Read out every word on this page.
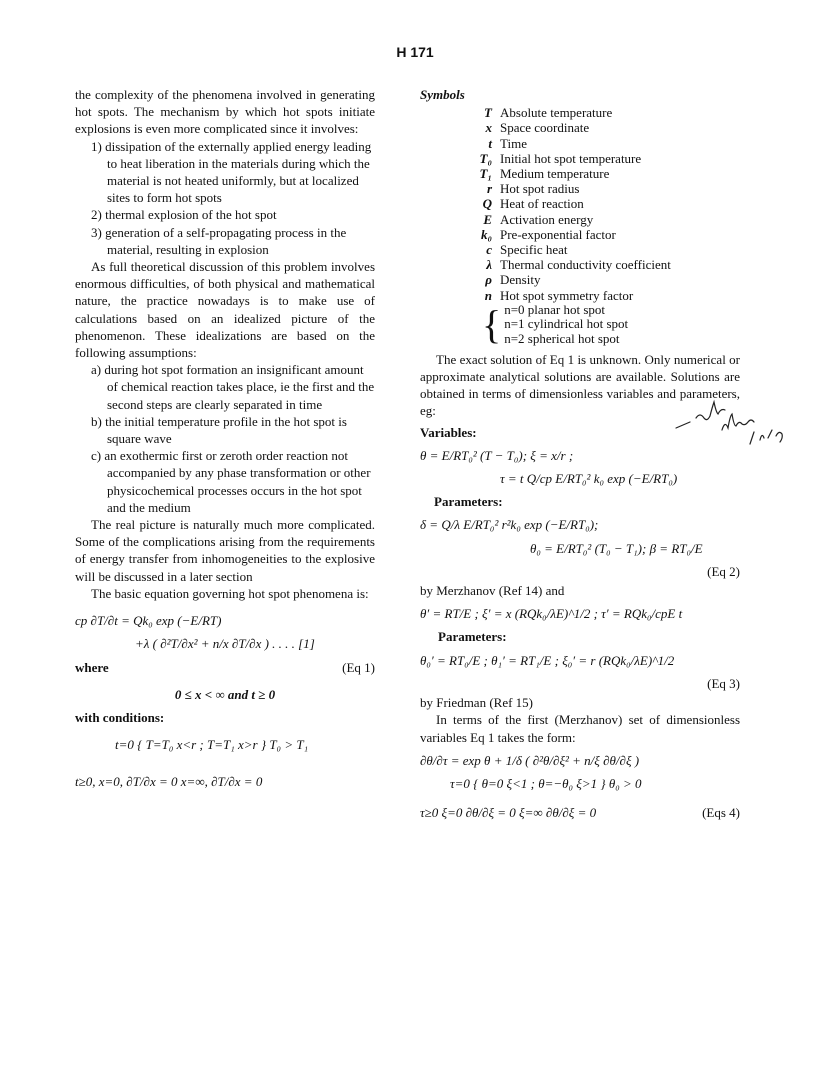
H 171

the complexity of the phenomena involved in generating hot spots. The mechanism by which hot spots initiate explosions is even more complicated since it involves:

1) dissipation of the externally applied energy leading to heat liberation in the materials during which the material is not heated uniformly, but at localized sites to form hot spots

2) thermal explosion of the hot spot

3) generation of a self-propagating process in the material, resulting in explosion

As full theoretical discussion of this problem involves enormous difficulties, of both physical and mathematical nature, the practice nowadays is to make use of calculations based on an idealized picture of the phenomenon. These idealizations are based on the following assumptions:

a) during hot spot formation an insignificant amount of chemical reaction takes place, ie the first and the second steps are clearly separated in time

b) the initial temperature profile in the hot spot is square wave

c) an exothermic first or zeroth order reaction not accompanied by any phase transformation or other physicochemical processes occurs in the hot spot and the medium

The real picture is naturally much more complicated. Some of the complications arising from the requirements of energy transfer from inhomogeneities to the explosive will be discussed in a later section

The basic equation governing hot spot phenomena is:

cp ∂T/∂t = Qk₀ exp (−E/RT)
+λ ( ∂²T/∂x² + n/x ∂T/∂x ) . . . . [1]
where	(Eq 1)
0 ≤ x < ∞ and t ≥ 0
with conditions:
t=0 { T=T₀ x<r ; T=T₁ x>r } T₀ > T₁
t≥0, x=0, ∂T/∂x = 0 x=∞, ∂T/∂x = 0
Symbols
T Absolute temperature
x Space coordinate
t Time
T₀ Initial hot spot temperature
T₁ Medium temperature
r Hot spot radius
Q Heat of reaction
E Activation energy
k₀ Pre-exponential factor
c Specific heat
λ Thermal conductivity coefficient
ρ Density
n Hot spot symmetry factor
{ n=0 planar hot spot
n=1 cylindrical hot spot
n=2 spherical hot spot

The exact solution of Eq 1 is unknown. Only numerical or approximate analytical solutions are available. Solutions are obtained in terms of dimensionless variables and parameters, eg:

Variables:
θ = E/RT₀² (T − T₀); ξ = x/r ;
τ = t Q/cp E/RT₀² k₀ exp (−E/RT₀)
Parameters:
δ = Q/λ E/RT₀² r²k₀ exp (−E/RT₀);
θ₀ = E/RT₀² (T₀ − T₁); β = RT₀/E
(Eq 2)
by Merzhanov (Ref 14) and
θ′ = RT/E ; ξ′ = x (RQk₀/λE)^1/2 ; τ′ = RQk₀/cpE t
Parameters:
θ₀′ = RT₀/E ; θ₁′ = RT₁/E ; ξ₀′ = r (RQk₀/λE)^1/2
(Eq 3)
by Friedman (Ref 15)

In terms of the first (Merzhanov) set of dimensionless variables Eq 1 takes the form:

∂θ/∂τ = exp θ + 1/δ ( ∂²θ/∂ξ² + n/ξ ∂θ/∂ξ )
τ=0 { θ=0 ξ<1 ; θ=−θ₀ ξ>1 } θ₀ > 0
τ≥0 ξ=0 ∂θ/∂ξ = 0 ξ=∞ ∂θ/∂ξ = 0	(Eqs 4)
